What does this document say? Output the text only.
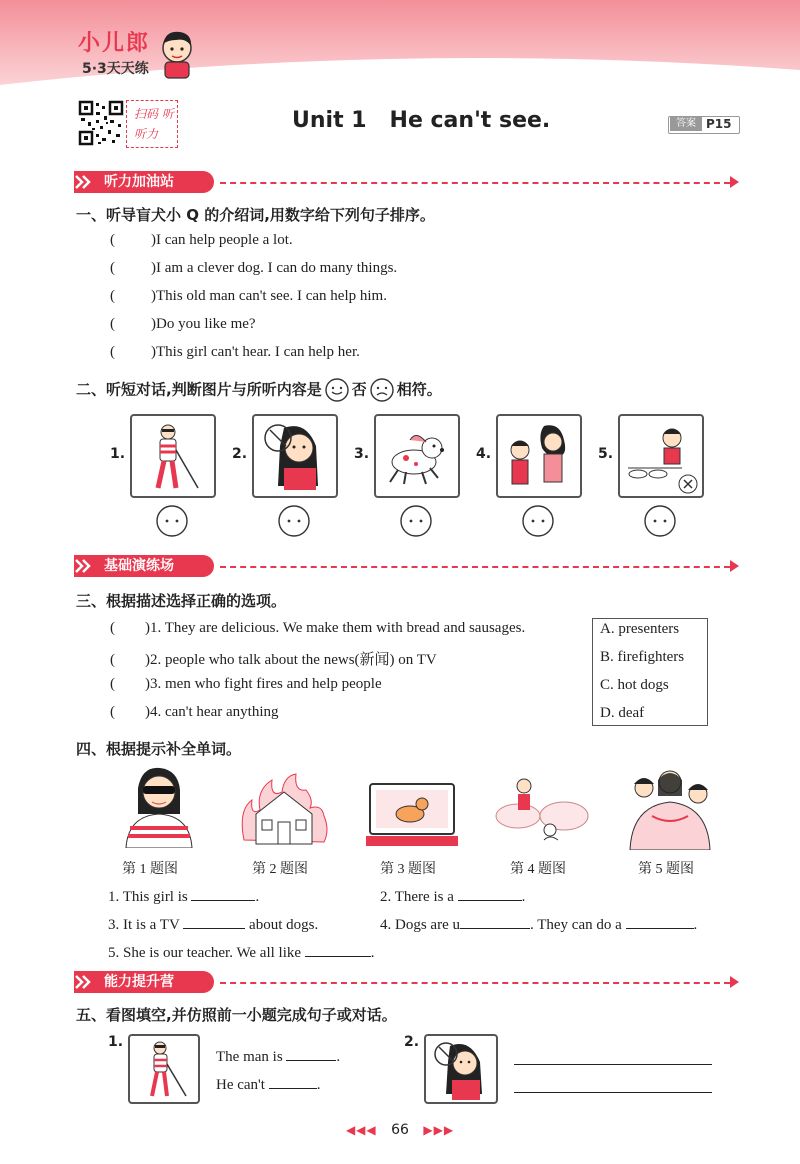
小儿郎
5·3天天练
扫码 听听力
Unit 1   He can't see.	答案 P15
听力加油站
一、听导盲犬小 Q 的介绍词,用数字给下列句子排序。
( )I can help people a lot.
( )I am a clever dog. I can do many things.
( )This old man can't see. I can help him.
( )Do you like me?
( )This girl can't hear. I can help her.
二、听短对话,判断图片与所听内容是 否 相符。
1.	2.	3.	4.	5.
基础演练场
三、根据描述选择正确的选项。
( )1. They are delicious. We make them with bread and sausages.
( )2. people who talk about the news(新闻) on TV
( )3. men who fight fires and help people
( )4. can't hear anything
A. presenters
B. firefighters
C. hot dogs
D. deaf
四、根据提示补全单词。
第 1 题图	第 2 题图	第 3 题图	第 4 题图	第 5 题图
1. This girl is	.	2. There is a	.
3. It is a TV	about dogs.	4. Dogs are u	. They can do a	.
5. She is our teacher. We all like	.
能力提升营
五、看图填空,并仿照前一小题完成句子或对话。
1.
The man is	.
He can't	.
2.
◀◀◀ 66 ▶▶▶
